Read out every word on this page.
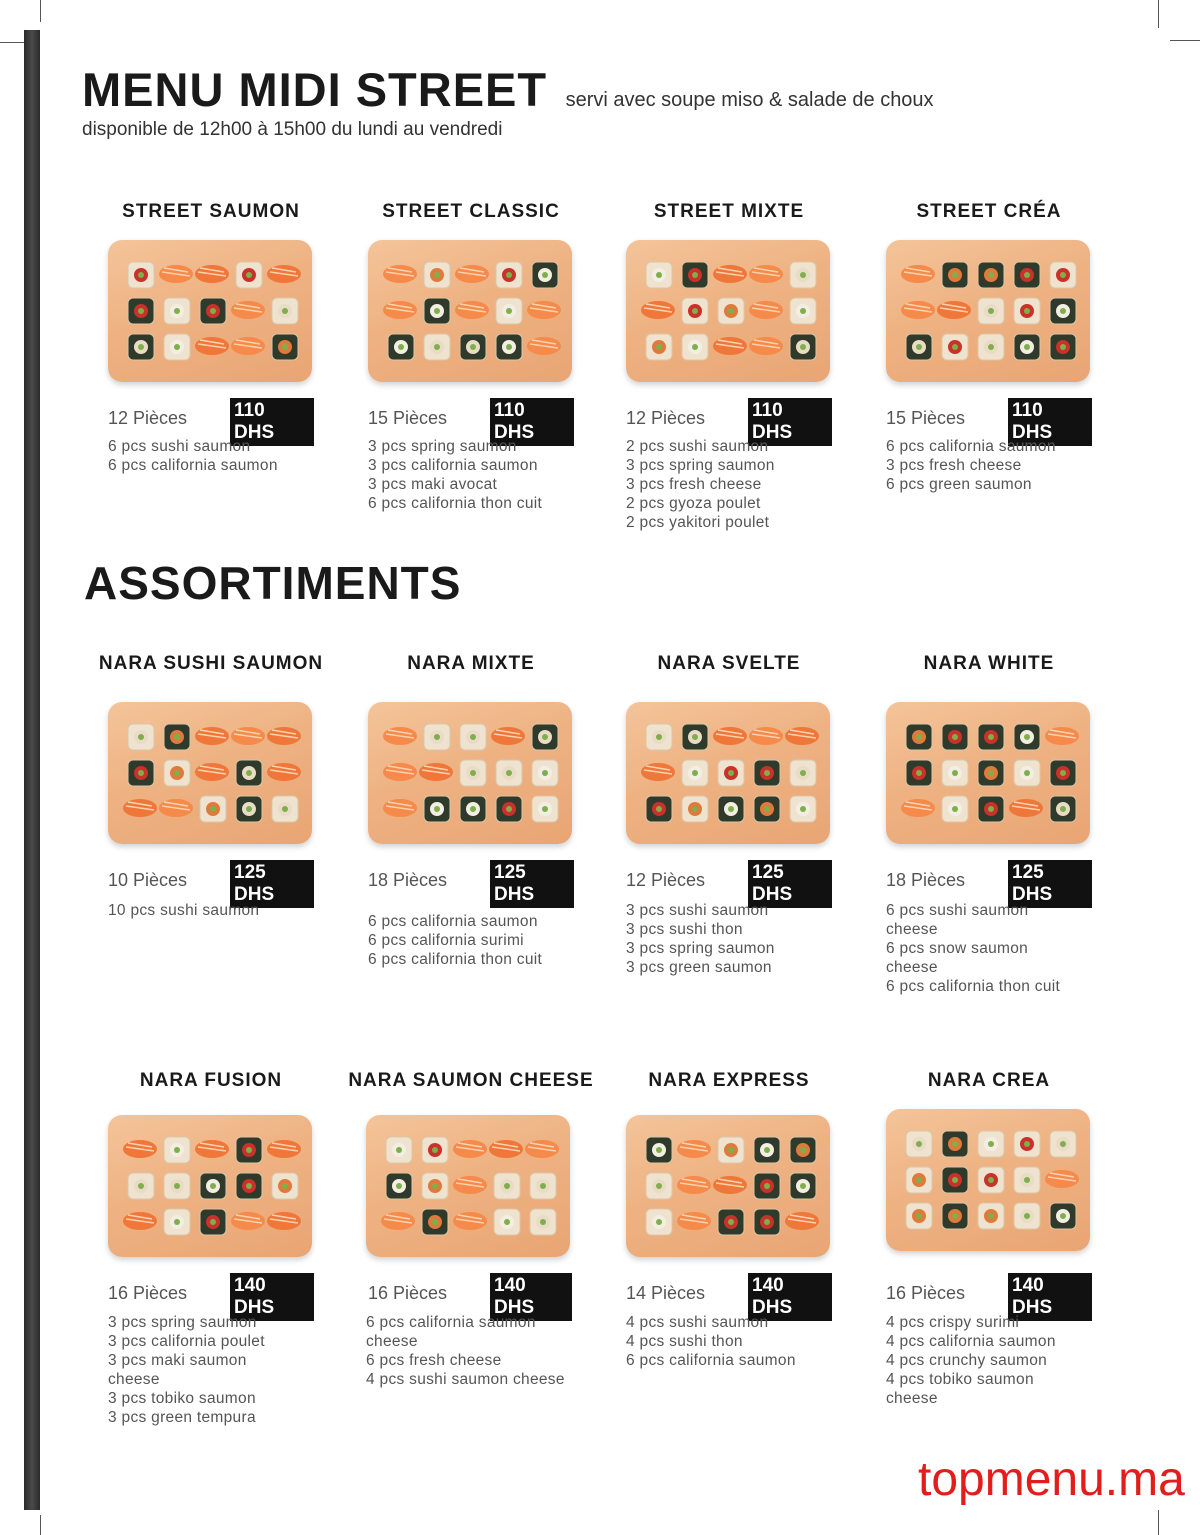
MENU MIDI STREET servi avec soupe miso & salade de choux
disponible de 12h00 à 15h00 du lundi au vendredi
ASSORTIMENTS
STREET SAUMON
12 Pièces 110 DHS
6 pcs sushi saumon
6 pcs california saumon
STREET CLASSIC
15 Pièces 110 DHS
3 pcs spring saumon
3 pcs california saumon
3 pcs maki avocat
6 pcs california thon cuit
STREET MIXTE
12 Pièces 110 DHS
2 pcs sushi saumon
3 pcs spring saumon
3 pcs fresh cheese
2 pcs gyoza poulet
2 pcs yakitori poulet
STREET CRÉA
15 Pièces 110 DHS
6 pcs california saumon
3 pcs fresh cheese
6 pcs green saumon
NARA SUSHI SAUMON
10 Pièces 125 DHS
10 pcs sushi saumon
NARA MIXTE
18 Pièces 125 DHS
6 pcs california saumon
6 pcs california surimi
6 pcs california thon cuit
NARA SVELTE
12 Pièces 125 DHS
3 pcs sushi saumon
3 pcs sushi thon
3 pcs spring saumon
3 pcs green saumon
NARA WHITE
18 Pièces 125 DHS
6 pcs sushi saumon
cheese
6 pcs snow saumon
cheese
6 pcs california thon cuit
NARA FUSION
16 Pièces 140 DHS
3 pcs spring saumon
3 pcs california poulet
3 pcs maki saumon
cheese
3 pcs tobiko saumon
3 pcs green tempura
NARA SAUMON CHEESE
16 Pièces 140 DHS
6 pcs california saumon
cheese
6 pcs fresh cheese
4 pcs sushi saumon cheese
NARA EXPRESS
14 Pièces 140 DHS
4 pcs sushi saumon
4 pcs sushi thon
6 pcs california saumon
NARA CREA
16 Pièces 140 DHS
4 pcs crispy surimi
4 pcs california saumon
4 pcs crunchy saumon
4 pcs tobiko saumon
cheese
topmenu.ma
